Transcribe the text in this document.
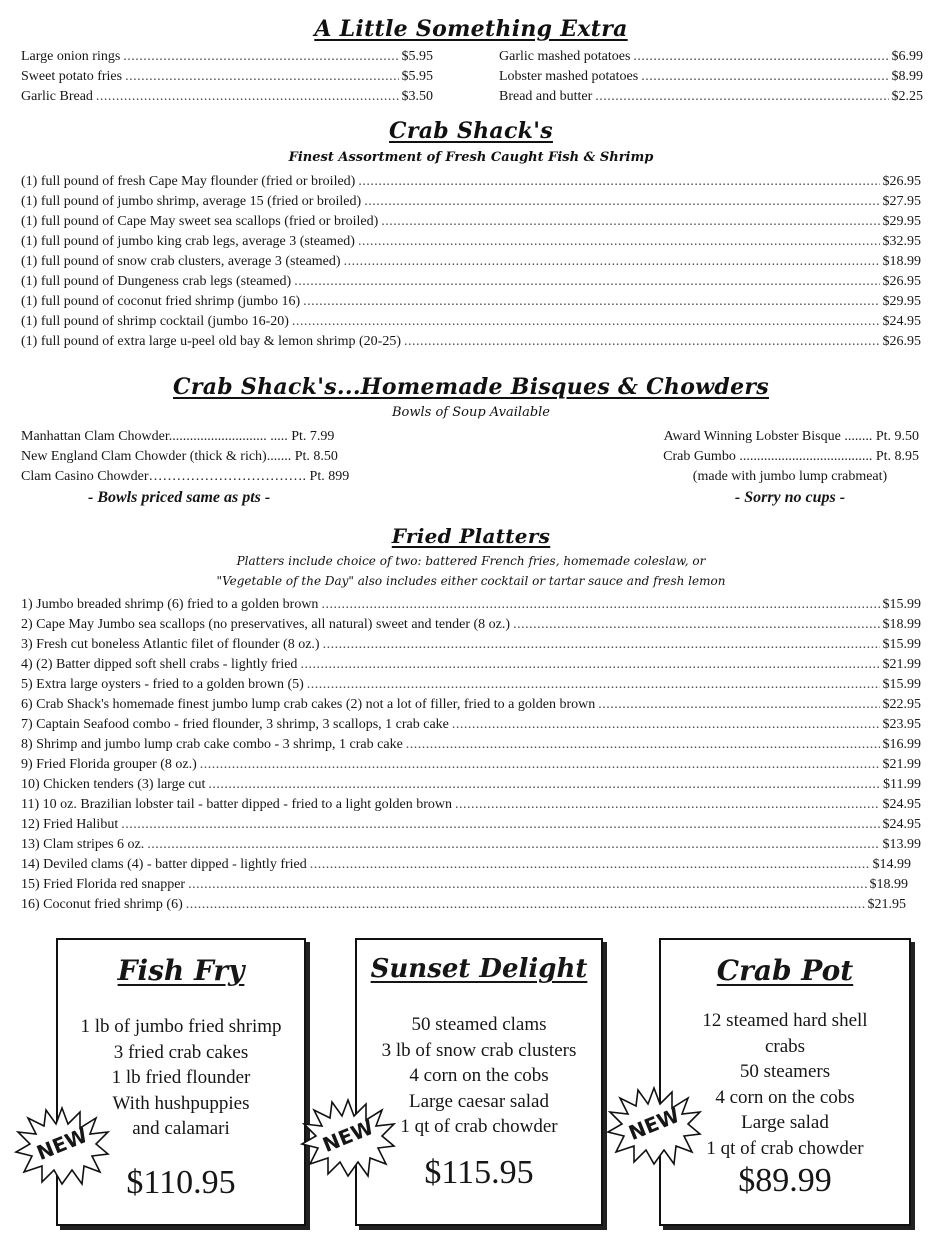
A Little Something Extra
Large onion rings .....	$5.95
Sweet potato fries .....	$5.95
Garlic Bread .....	$3.50
Garlic mashed potatoes .....	$6.99
Lobster mashed potatoes .....	$8.99
Bread and butter .....	$2.25
Crab Shack's
Finest Assortment of Fresh Caught Fish & Shrimp
(1) full pound of fresh Cape May flounder (fried or broiled) .....	$26.95
(1) full pound of jumbo shrimp, average 15 (fried or broiled) .....	$27.95
(1) full pound of Cape May sweet sea scallops (fried or broiled) .....	$29.95
(1) full pound of jumbo king crab legs, average 3 (steamed) .....	$32.95
(1) full pound of snow crab clusters, average 3 (steamed) .....	$18.99
(1) full pound of Dungeness crab legs (steamed) .....	$26.95
(1) full pound of coconut fried shrimp (jumbo 16) .....	$29.95
(1) full pound of shrimp cocktail (jumbo 16-20) .....	$24.95
(1) full pound of extra large u-peel old bay & lemon shrimp (20-25) .....	$26.95
Crab Shack's...Homemade Bisques & Chowders
Bowls of Soup Available
Manhattan Clam Chowder............................ ..... Pt. 7.99
New England Clam Chowder (thick & rich)....... Pt. 8.50
Clam Casino Chowder……………………………. Pt. 899
- Bowls priced same as pts -
Award Winning Lobster Bisque ........ Pt. 9.50
Crab Gumbo ...................................... Pt. 8.95
(made with jumbo lump crabmeat)
- Sorry no cups -
Fried Platters
Platters include choice of two: battered French fries, homemade coleslaw, or
"Vegetable of the Day" also includes either cocktail or tartar sauce and fresh lemon
1) Jumbo breaded shrimp (6) fried to a golden brown .....	$15.99
2) Cape May Jumbo sea scallops (no preservatives, all natural) sweet and tender (8 oz.) .....	$18.99
3) Fresh cut boneless Atlantic filet of flounder (8 oz.) .....	$15.99
4) (2) Batter dipped soft shell crabs - lightly fried .....	$21.99
5) Extra large oysters - fried to a golden brown (5) .....	$15.99
6) Crab Shack's homemade finest jumbo lump crab cakes (2) not a lot of filler, fried to a golden brown .....	$22.95
7) Captain Seafood combo - fried flounder, 3 shrimp, 3 scallops, 1 crab cake .....	$23.95
8) Shrimp and jumbo lump crab cake combo - 3 shrimp, 1 crab cake .....	$16.99
9) Fried Florida grouper (8 oz.) .....	$21.99
10) Chicken tenders (3) large cut .....	$11.99
11) 10 oz. Brazilian lobster tail - batter dipped - fried to a light golden brown .....	$24.95
12) Fried Halibut .....	$24.95
13) Clam stripes 6 oz. .....	$13.99
14) Deviled clams (4) - batter dipped - lightly fried .....	$14.99
15) Fried Florida red snapper .....	$18.99
16) Coconut fried shrimp (6) .....	$21.95
Fish Fry
1 lb of jumbo fried shrimp
3 fried crab cakes
1 lb fried flounder
With hushpuppies
and calamari
$110.95
Sunset Delight
50 steamed clams
3 lb of snow crab clusters
4 corn on the cobs
Large caesar salad
1 qt of crab chowder
$115.95
Crab Pot
12 steamed hard shell
crabs
50 steamers
4 corn on the cobs
Large salad
1 qt of crab chowder
$89.99
NEW	NEW	NEW
